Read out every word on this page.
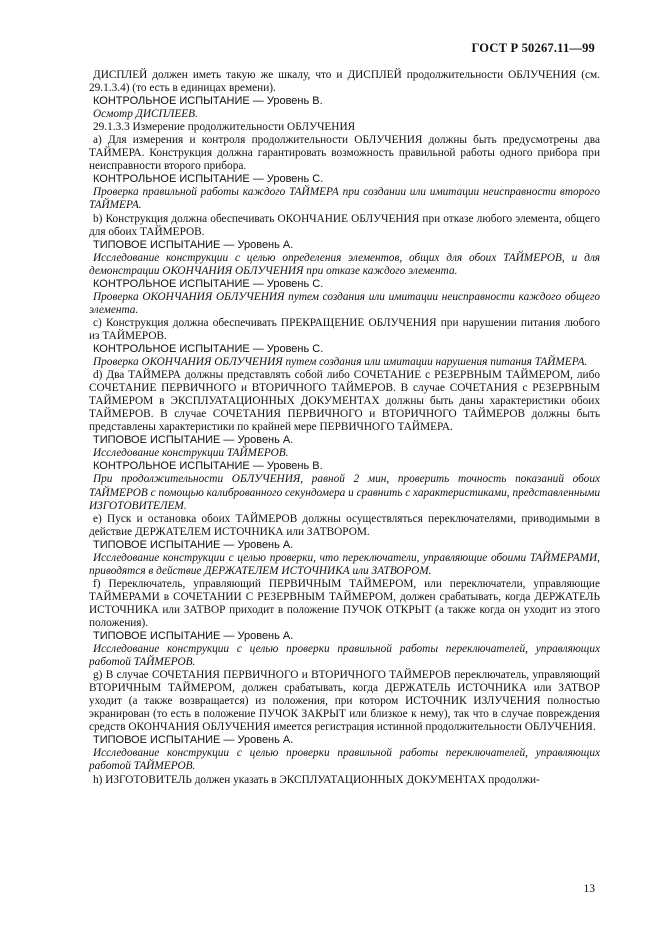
ГОСТ Р 50267.11—99

ДИСПЛЕЙ должен иметь такую же шкалу, что и ДИСПЛЕЙ продолжительности ОБЛУЧЕНИЯ (см. 29.1.3.4) (то есть в единицах времени).

КОНТРОЛЬНОЕ ИСПЫТАНИЕ — Уровень B.

Осмотр ДИСПЛЕЕВ.

29.1.3.3 Измерение продолжительности ОБЛУЧЕНИЯ

a) Для измерения и контроля продолжительности ОБЛУЧЕНИЯ должны быть предусмотрены два ТАЙМЕРА. Конструкция должна гарантировать возможность правильной работы одного прибора при неисправности второго прибора.

КОНТРОЛЬНОЕ ИСПЫТАНИЕ — Уровень С.

Проверка правильной работы каждого ТАЙМЕРА при создании или имитации неисправности второго ТАЙМЕРА.

b) Конструкция должна обеспечивать ОКОНЧАНИЕ ОБЛУЧЕНИЯ при отказе любого элемента, общего для обоих ТАЙМЕРОВ.

ТИПОВОЕ ИСПЫТАНИЕ — Уровень А.

Исследование конструкции с целью определения элементов, общих для обоих ТАЙМЕРОВ, и для демонстрации ОКОНЧАНИЯ ОБЛУЧЕНИЯ при отказе каждого элемента.

КОНТРОЛЬНОЕ ИСПЫТАНИЕ — Уровень С.

Проверка ОКОНЧАНИЯ ОБЛУЧЕНИЯ путем создания или имитации неисправности каждого общего элемента.

c) Конструкция должна обеспечивать ПРЕКРАЩЕНИЕ ОБЛУЧЕНИЯ при нарушении питания любого из ТАЙМЕРОВ.

КОНТРОЛЬНОЕ ИСПЫТАНИЕ — Уровень С.

Проверка ОКОНЧАНИЯ ОБЛУЧЕНИЯ путем создания или имитации нарушения питания ТАЙМЕРА.

d) Два ТАЙМЕРА должны представлять собой либо СОЧЕТАНИЕ с РЕЗЕРВНЫМ ТАЙМЕРОМ, либо СОЧЕТАНИЕ ПЕРВИЧНОГО и ВТОРИЧНОГО ТАЙМЕРОВ. В случае СОЧЕТАНИЯ с РЕЗЕРВНЫМ ТАЙМЕРОМ в ЭКСПЛУАТАЦИОННЫХ ДОКУМЕНТАХ должны быть даны характеристики обоих ТАЙМЕРОВ. В случае СОЧЕТАНИЯ ПЕРВИЧНОГО и ВТОРИЧНОГО ТАЙМЕРОВ должны быть представлены характеристики по крайней мере ПЕРВИЧНОГО ТАЙМЕРА.

ТИПОВОЕ ИСПЫТАНИЕ — Уровень А.

Исследование конструкции ТАЙМЕРОВ.

КОНТРОЛЬНОЕ ИСПЫТАНИЕ — Уровень B.

При продолжительности ОБЛУЧЕНИЯ, равной 2 мин, проверить точность показаний обоих ТАЙМЕРОВ с помощью калиброванного секундомера и сравнить с характеристиками, представленными ИЗГОТОВИТЕЛЕМ.

e) Пуск и остановка обоих ТАЙМЕРОВ должны осуществляться переключателями, приводимыми в действие ДЕРЖАТЕЛЕМ ИСТОЧНИКА или ЗАТВОРОМ.

ТИПОВОЕ ИСПЫТАНИЕ — Уровень А.

Исследование конструкции с целью проверки, что переключатели, управляющие обоими ТАЙМЕРАМИ, приводятся в действие ДЕРЖАТЕЛЕМ ИСТОЧНИКА или ЗАТВОРОМ.

f) Переключатель, управляющий ПЕРВИЧНЫМ ТАЙМЕРОМ, или переключатели, управляющие ТАЙМЕРАМИ в СОЧЕТАНИИ С РЕЗЕРВНЫМ ТАЙМЕРОМ, должен срабатывать, когда ДЕРЖАТЕЛЬ ИСТОЧНИКА или ЗАТВОР приходит в положение ПУЧОК ОТКРЫТ (а также когда он уходит из этого положения).

ТИПОВОЕ ИСПЫТАНИЕ — Уровень А.

Исследование конструкции с целью проверки правильной работы переключателей, управляющих работой ТАЙМЕРОВ.

g) В случае СОЧЕТАНИЯ ПЕРВИЧНОГО и ВТОРИЧНОГО ТАЙМЕРОВ переключатель, управляющий ВТОРИЧНЫМ ТАЙМЕРОМ, должен срабатывать, когда ДЕРЖАТЕЛЬ ИСТОЧНИКА или ЗАТВОР уходит (а также возвращается) из положения, при котором ИСТОЧНИК ИЗЛУЧЕНИЯ полностью экранирован (то есть в положение ПУЧОК ЗАКРЫТ или близкое к нему), так что в случае повреждения средств ОКОНЧАНИЯ ОБЛУЧЕНИЯ имеется регистрация истинной продолжительности ОБЛУЧЕНИЯ.

ТИПОВОЕ ИСПЫТАНИЕ — Уровень А.

Исследование конструкции с целью проверки правильной работы переключателей, управляющих работой ТАЙМЕРОВ.

h) ИЗГОТОВИТЕЛЬ должен указать в ЭКСПЛУАТАЦИОННЫХ ДОКУМЕНТАХ продолжи-

13
